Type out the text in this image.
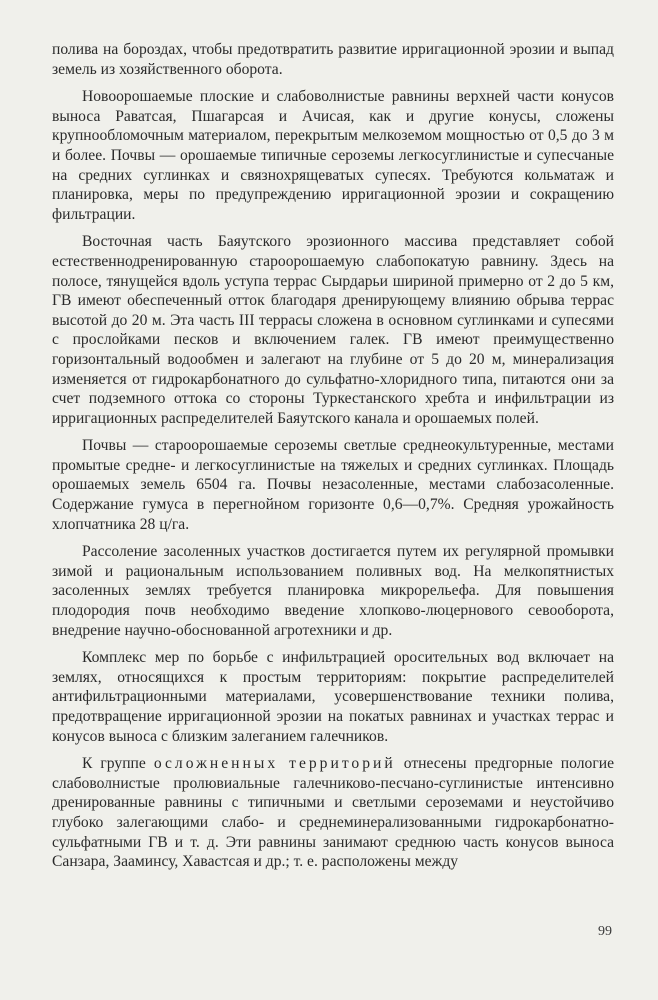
полива на бороздах, чтобы предотвратить развитие ирригационной эрозии и выпад земель из хозяйственного оборота.

Новоорошаемые плоские и слабоволнистые равнины верхней части конусов выноса Раватсая, Пшагарсая и Ачисая, как и другие конусы, сложены крупнообломочным материалом, перекрытым мелкоземом мощностью от 0,5 до 3 м и более. Почвы — орошаемые типичные сероземы легкосуглинистые и супесчаные на средних суглинках и связнохрящеватых супесях. Требуются кольматаж и планировка, меры по предупреждению ирригационной эрозии и сокращению фильтрации.

Восточная часть Баяутского эрозионного массива представляет собой естественнодренированную староорошаемую слабопокатую равнину. Здесь на полосе, тянущейся вдоль уступа террас Сырдарьи шириной примерно от 2 до 5 км, ГВ имеют обеспеченный отток благодаря дренирующему влиянию обрыва террас высотой до 20 м. Эта часть III террасы сложена в основном суглинками и супесями с прослойками песков и включением галек. ГВ имеют преимущественно горизонтальный водообмен и залегают на глубине от 5 до 20 м, минерализация изменяется от гидрокарбонатного до сульфатно-хлоридного типа, питаются они за счет подземного оттока со стороны Туркестанского хребта и инфильтрации из ирригационных распределителей Баяутского канала и орошаемых полей.

Почвы — староорошаемые сероземы светлые среднеокультуренные, местами промытые средне- и легкосуглинистые на тяжелых и средних суглинках. Площадь орошаемых земель 6504 га. Почвы незасоленные, местами слабозасоленные. Содержание гумуса в перегнойном горизонте 0,6—0,7%. Средняя урожайность хлопчатника 28 ц/га.

Рассоление засоленных участков достигается путем их регулярной промывки зимой и рациональным использованием поливных вод. На мелкопятнистых засоленных землях требуется планировка микрорельефа. Для повышения плодородия почв необходимо введение хлопково-люцернового севооборота, внедрение научно-обоснованной агротехники и др.

Комплекс мер по борьбе с инфильтрацией оросительных вод включает на землях, относящихся к простым территориям: покрытие распределителей антифильтрационными материалами, усовершенствование техники полива, предотвращение ирригационной эрозии на покатых равнинах и участках террас и конусов выноса с близким залеганием галечников.

К группе осложненных территорий отнесены предгорные пологие слабоволнистые пролювиальные галечниково-песчано-суглинистые интенсивно дренированные равнины с типичными и светлыми сероземами и неустойчиво глубоко залегающими слабо- и среднеминерализованными гидрокарбонатно-сульфатными ГВ и т. д. Эти равнины занимают среднюю часть конусов выноса Санзара, Зааминсу, Хавастсая и др.; т. е. расположены между

99
